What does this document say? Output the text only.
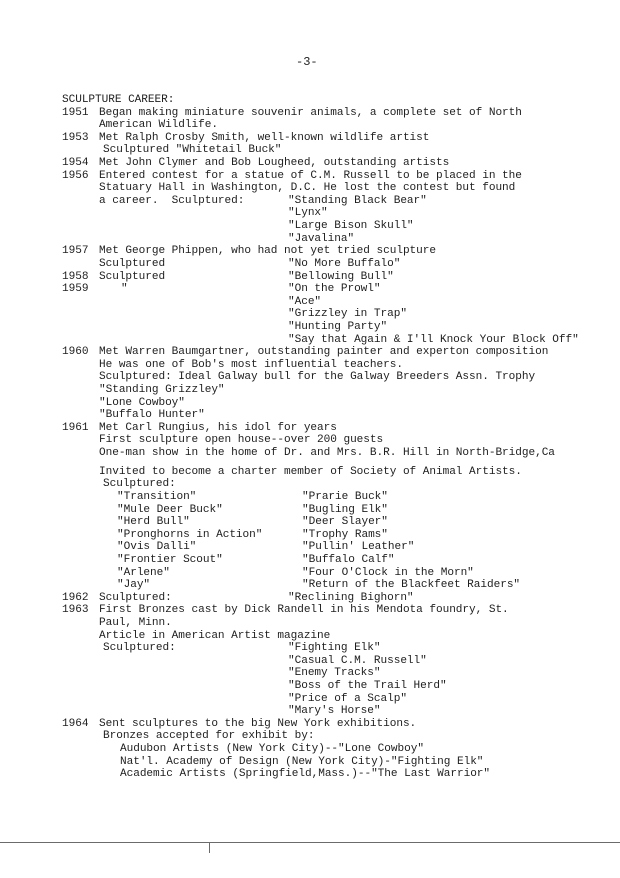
-3-
SCULPTURE CAREER:
1951 Began making miniature souvenir animals, a complete set of North
American Wildlife.
1953 Met Ralph Crosby Smith, well-known wildlife artist
Sculptured "Whitetail Buck"
1954 Met John Clymer and Bob Lougheed, outstanding artists
1956 Entered contest for a statue of C.M. Russell to be placed in the
Statuary Hall in Washington, D.C. He lost the contest but found
a career.  Sculptured:	"Standing Black Bear"
"Lynx"
"Large Bison Skull"
"Javalina"
1957 Met George Phippen, who had not yet tried sculpture
Sculptured	"No More Buffalo"
1958 Sculptured	"Bellowing Bull"
1959	"	"On the Prowl"
"Ace"
"Grizzley in Trap"
"Hunting Party"
"Say that Again & I'll Knock Your Block Off"
1960 Met Warren Baumgartner, outstanding painter and experton composition
He was one of Bob's most influential teachers.
Sculptured: Ideal Galway bull for the Galway Breeders Assn. Trophy
"Standing Grizzley"
"Lone Cowboy"
"Buffalo Hunter"
1961 Met Carl Rungius, his idol for years
First sculpture open house--over 200 guests
One-man show in the home of Dr. and Mrs. B.R. Hill in North-Bridge,Ca
Invited to become a charter member of Society of Animal Artists.
Sculptured:
"Transition"	"Prarie Buck"
"Mule Deer Buck"	"Bugling Elk"
"Herd Bull"	"Deer Slayer"
"Pronghorns in Action"	"Trophy Rams"
"Ovis Dalli"	"Pullin' Leather"
"Frontier Scout"	"Buffalo Calf"
"Arlene"	"Four O'Clock in the Morn"
"Jay"	"Return of the Blackfeet Raiders"
1962 Sculptured:	"Reclining Bighorn"
1963 First Bronzes cast by Dick Randell in his Mendota foundry, St.
Paul, Minn.
Article in American Artist magazine
Sculptured:	"Fighting Elk"
"Casual C.M. Russell"
"Enemy Tracks"
"Boss of the Trail Herd"
"Price of a Scalp"
"Mary's Horse"
1964 Sent sculptures to the big New York exhibitions.
Bronzes accepted for exhibit by:
Audubon Artists (New York City)--"Lone Cowboy"
Nat'l. Academy of Design (New York City)-"Fighting Elk"
Academic Artists (Springfield,Mass.)--"The Last Warrior"
